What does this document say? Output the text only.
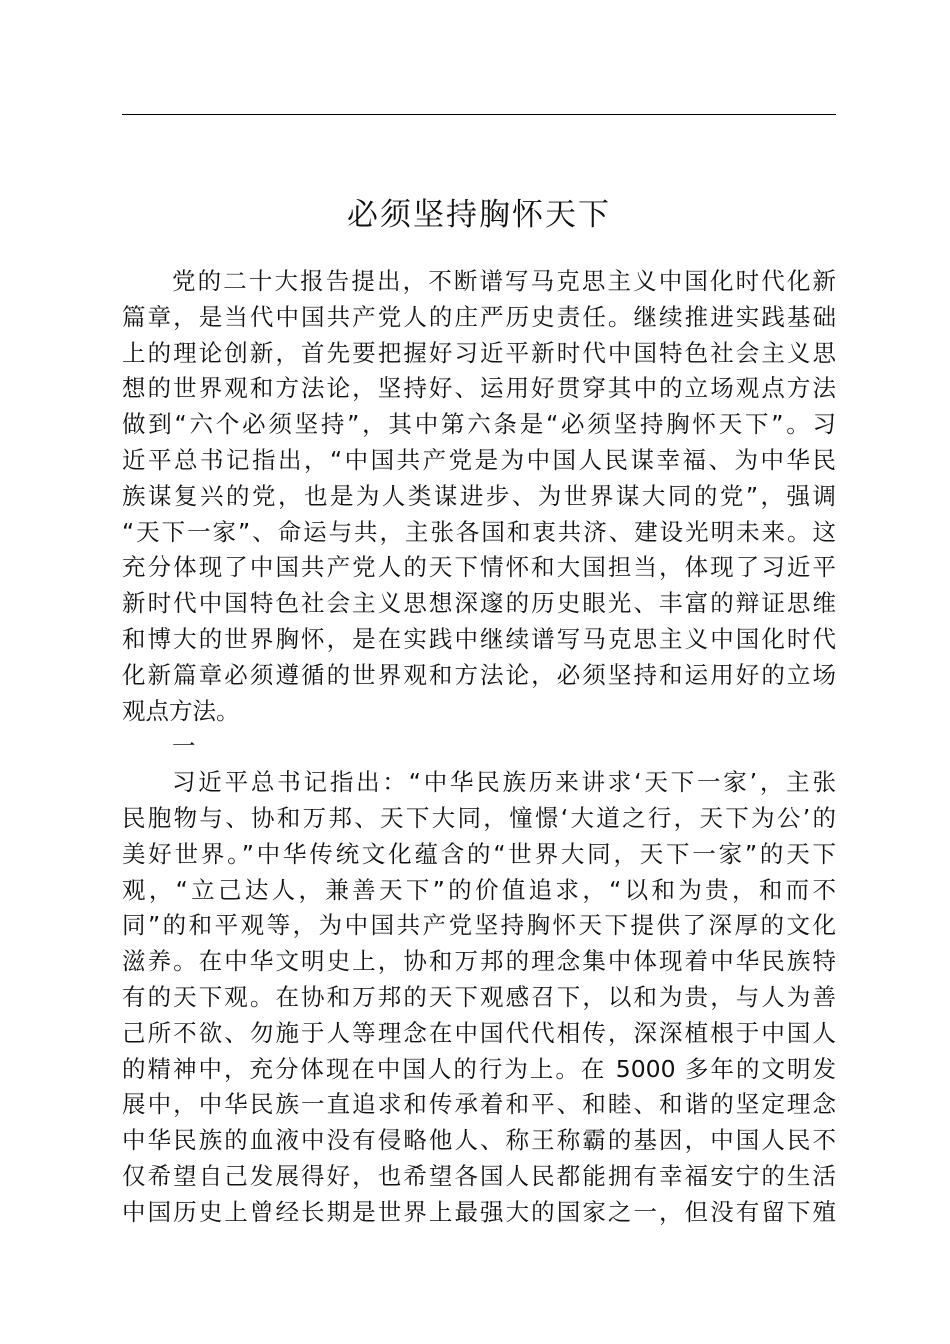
必须坚持胸怀天下
党的二十大报告提出，不断谱写马克思主义中国化时代化新
篇章，是当代中国共产党人的庄严历史责任。继续推进实践基础
上的理论创新，首先要把握好习近平新时代中国特色社会主义思
想的世界观和方法论，坚持好、运用好贯穿其中的立场观点方法
做到“六个必须坚持”，其中第六条是“必须坚持胸怀天下”。习
近平总书记指出，“中国共产党是为中国人民谋幸福、为中华民
族谋复兴的党，也是为人类谋进步、为世界谋大同的党”，强调
“天下一家”、命运与共，主张各国和衷共济、建设光明未来。这
充分体现了中国共产党人的天下情怀和大国担当，体现了习近平
新时代中国特色社会主义思想深邃的历史眼光、丰富的辩证思维
和博大的世界胸怀，是在实践中继续谱写马克思主义中国化时代
化新篇章必须遵循的世界观和方法论，必须坚持和运用好的立场
观点方法。
一
习近平总书记指出：“中华民族历来讲求‘天下一家’，主张
民胞物与、协和万邦、天下大同，憧憬‘大道之行，天下为公’的
美好世界。”中华传统文化蕴含的“世界大同，天下一家”的天下
观，“立己达人，兼善天下”的价值追求，“以和为贵，和而不
同”的和平观等，为中国共产党坚持胸怀天下提供了深厚的文化
滋养。在中华文明史上，协和万邦的理念集中体现着中华民族特
有的天下观。在协和万邦的天下观感召下，以和为贵，与人为善
己所不欲、勿施于人等理念在中国代代相传，深深植根于中国人
的精神中，充分体现在中国人的行为上。在 5000 多年的文明发
展中，中华民族一直追求和传承着和平、和睦、和谐的坚定理念
中华民族的血液中没有侵略他人、称王称霸的基因，中国人民不
仅希望自己发展得好，也希望各国人民都能拥有幸福安宁的生活
中国历史上曾经长期是世界上最强大的国家之一，但没有留下殖
